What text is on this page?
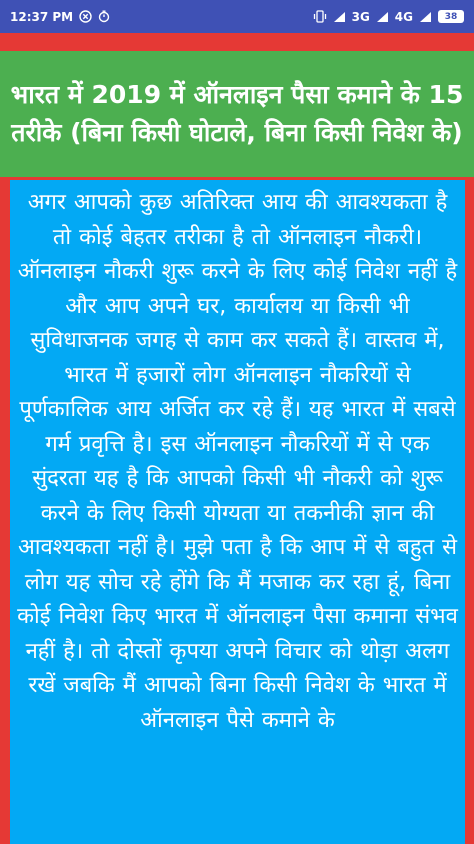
12:37 PM	3G 4G	38
भारत में 2019 में ऑनलाइन पैसा कमाने के 15 तरीके (बिना किसी घोटाले, बिना किसी निवेश के)

अगर आपको कुछ अतिरिक्त आय की आवश्यकता है तो कोई बेहतर तरीका है तो ऑनलाइन नौकरी। ऑनलाइन नौकरी शुरू करने के लिए कोई निवेश नहीं है और आप अपने घर, कार्यालय या किसी भी सुविधाजनक जगह से काम कर सकते हैं। वास्तव में, भारत में हजारों लोग ऑनलाइन नौकरियों से पूर्णकालिक आय अर्जित कर रहे हैं। यह भारत में सबसे गर्म प्रवृत्ति है। इस ऑनलाइन नौकरियों में से एक सुंदरता यह है कि आपको किसी भी नौकरी को शुरू करने के लिए किसी योग्यता या तकनीकी ज्ञान की आवश्यकता नहीं है। मुझे पता है कि आप में से बहुत से लोग यह सोच रहे होंगे कि मैं मजाक कर रहा हूं, बिना कोई निवेश किए भारत में ऑनलाइन पैसा कमाना संभव नहीं है। तो दोस्तों कृपया अपने विचार को थोड़ा अलग रखें जबकि मैं आपको बिना किसी निवेश के भारत में ऑनलाइन पैसे कमाने के
